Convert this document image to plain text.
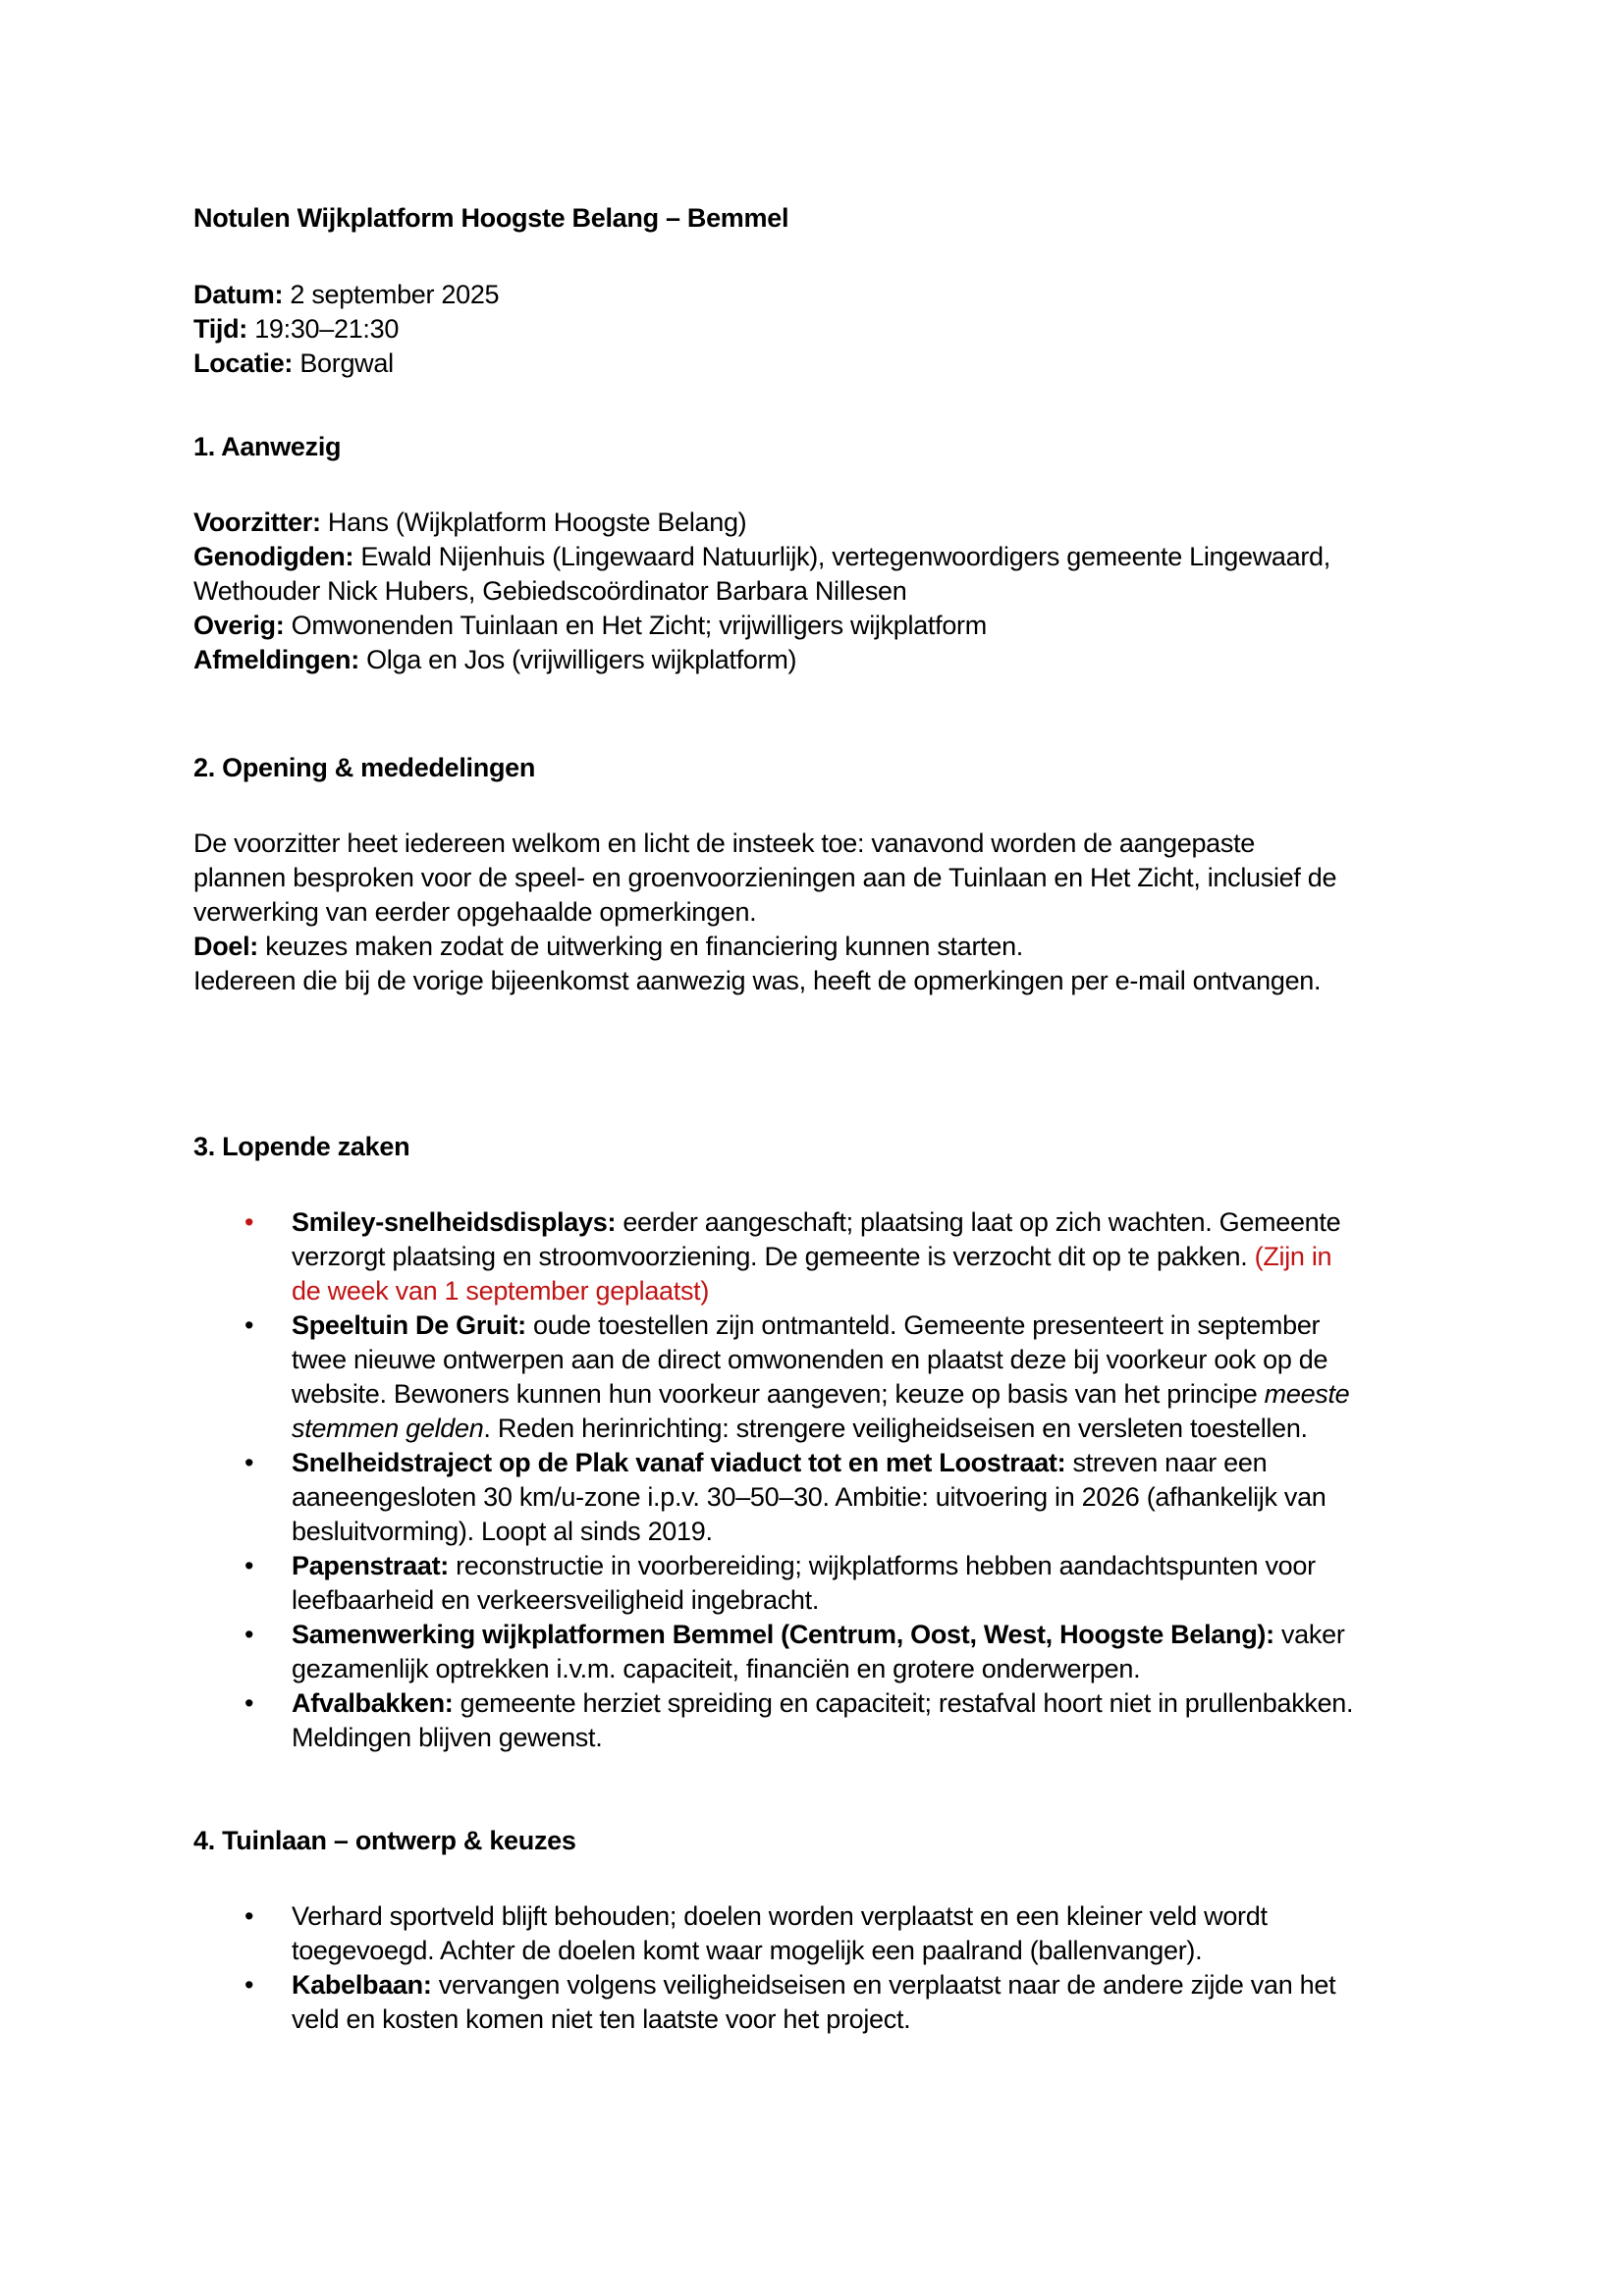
Notulen Wijkplatform Hoogste Belang – Bemmel

Datum: 2 september 2025

Tijd: 19:30–21:30

Locatie: Borgwal

1. Aanwezig

Voorzitter: Hans (Wijkplatform Hoogste Belang)

Genodigden: Ewald Nijenhuis (Lingewaard Natuurlijk), vertegenwoordigers gemeente Lingewaard,
Wethouder Nick Hubers, Gebiedscoördinator Barbara Nillesen

Overig: Omwonenden Tuinlaan en Het Zicht; vrijwilligers wijkplatform

Afmeldingen: Olga en Jos (vrijwilligers wijkplatform)

2. Opening & mededelingen

De voorzitter heet iedereen welkom en licht de insteek toe: vanavond worden de aangepaste
plannen besproken voor de speel- en groenvoorzieningen aan de Tuinlaan en Het Zicht, inclusief de
verwerking van eerder opgehaalde opmerkingen.

Doel: keuzes maken zodat de uitwerking en financiering kunnen starten.

Iedereen die bij de vorige bijeenkomst aanwezig was, heeft de opmerkingen per e-mail ontvangen.

3. Lopende zaken

• Smiley-snelheidsdisplays: eerder aangeschaft; plaatsing laat op zich wachten. Gemeente
verzorgt plaatsing en stroomvoorziening. De gemeente is verzocht dit op te pakken. (Zijn in
de week van 1 september geplaatst)
• Speeltuin De Gruit: oude toestellen zijn ontmanteld. Gemeente presenteert in september
twee nieuwe ontwerpen aan de direct omwonenden en plaatst deze bij voorkeur ook op de
website. Bewoners kunnen hun voorkeur aangeven; keuze op basis van het principe meeste
stemmen gelden. Reden herinrichting: strengere veiligheidseisen en versleten toestellen.
• Snelheidstraject op de Plak vanaf viaduct tot en met Loostraat: streven naar een
aaneengesloten 30 km/u-zone i.p.v. 30–50–30. Ambitie: uitvoering in 2026 (afhankelijk van
besluitvorming). Loopt al sinds 2019.
• Papenstraat: reconstructie in voorbereiding; wijkplatforms hebben aandachtspunten voor
leefbaarheid en verkeersveiligheid ingebracht.
• Samenwerking wijkplatformen Bemmel (Centrum, Oost, West, Hoogste Belang): vaker
gezamenlijk optrekken i.v.m. capaciteit, financiën en grotere onderwerpen.
• Afvalbakken: gemeente herziet spreiding en capaciteit; restafval hoort niet in prullenbakken.
Meldingen blijven gewenst.

4. Tuinlaan – ontwerp & keuzes

• Verhard sportveld blijft behouden; doelen worden verplaatst en een kleiner veld wordt
toegevoegd. Achter de doelen komt waar mogelijk een paalrand (ballenvanger).
• Kabelbaan: vervangen volgens veiligheidseisen en verplaatst naar de andere zijde van het
veld en kosten komen niet ten laatste voor het project.
